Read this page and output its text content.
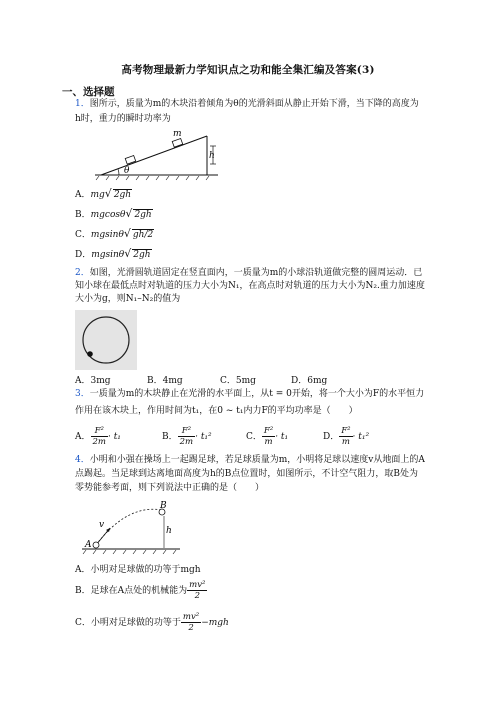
高考物理最新力学知识点之功和能全集汇编及答案(3)
一、选择题
1．图所示，质量为m的木块沿着倾角为θ的光滑斜面从静止开始下滑，当下降的高度为
h时，重力的瞬时功率为
m
h
θ
A．mg√ 2gh
B．mgcosθ√ 2gh
C．mgsinθ√ gh/2
D．mgsinθ√ 2gh
2．如图，光滑圆轨道固定在竖直面内，一质量为m的小球沿轨道做完整的圆周运动．已
知小球在最低点时对轨道的压力大小为N₁，在高点时对轨道的压力大小为N₂.重力加速度
大小为g，则N₁–N₂的值为
A．3mg	B．4mg	C．5mg	D．6mg
3．一质量为m的木块静止在光滑的水平面上，从t = 0开始，将一个大小为F的水平恒力
作用在该木块上，作用时间为t₁，在0 ~ t₁内力F的平均功率是（　　）
A． $\frac{\text{F²}}{2m} \cdot t_1$	B． $\frac{\text{F²}}{2m} \cdot t_1^2$	C． $\frac{\text{F²}}{m} \cdot t_1$	D． $\frac{\text{F²}}{m} \cdot t_1^2$
4．小明和小强在操场上一起踢足球，若足球质量为m，小明将足球以速度v从地面上的A
点踢起。当足球到达离地面高度为h的B点位置时，如图所示，不计空气阻力，取B处为
零势能参考面，则下列说法中正确的是（　　）
A
B
v
h
A．小明对足球做的功等于mgh
B．足球在A点处的机械能为 $\frac{\text{mv²}}{2}$
C．小明对足球做的功等于 $\frac{\text{mv²}}{2} -mgh$
